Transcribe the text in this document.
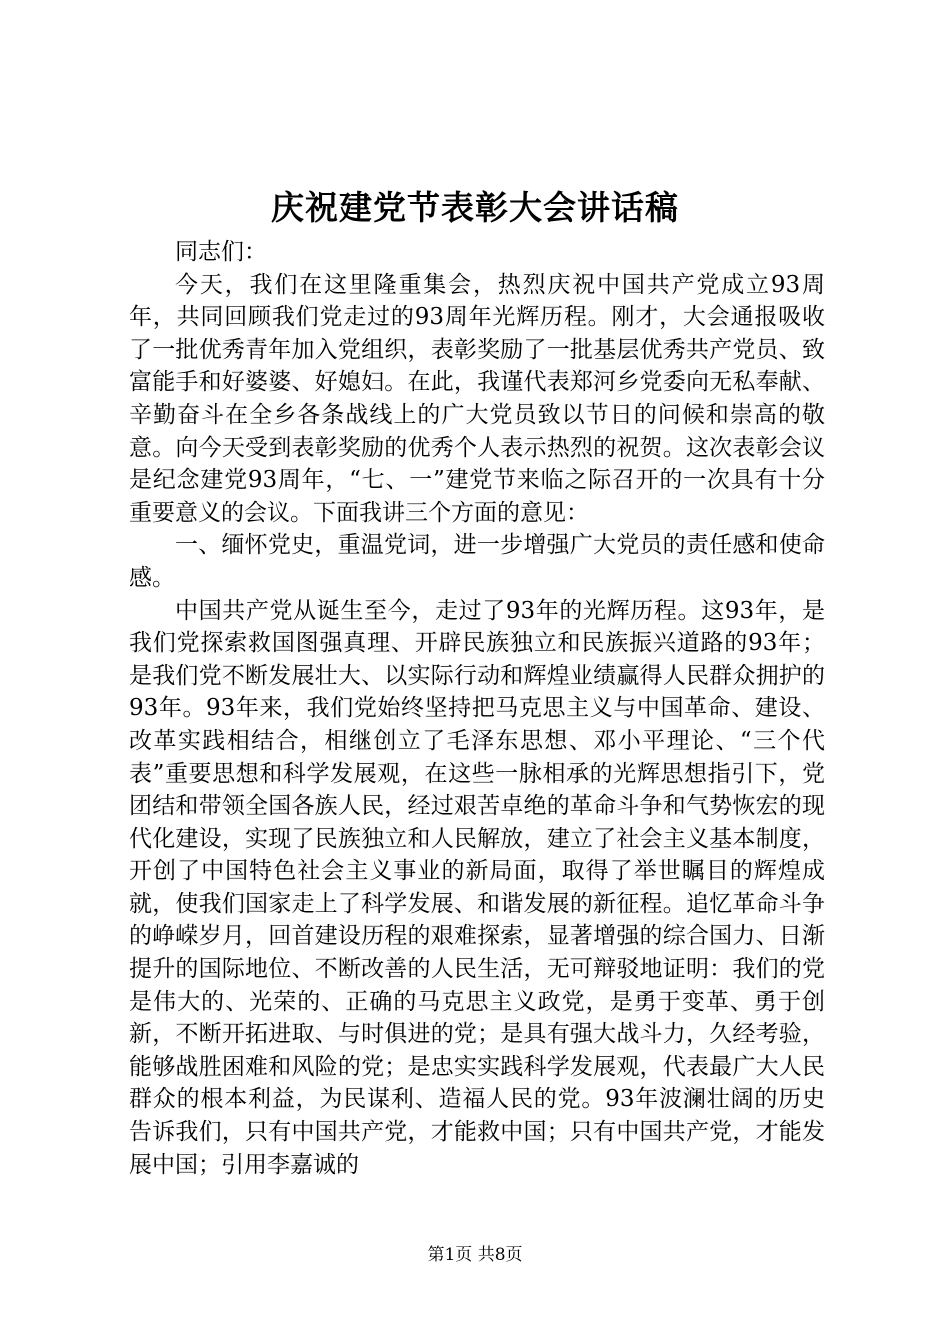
庆祝建党节表彰大会讲话稿

同志们：

今天，我们在这里隆重集会，热烈庆祝中国共产党成立93周年，共同回顾我们党走过的93周年光辉历程。刚才，大会通报吸收了一批优秀青年加入党组织，表彰奖励了一批基层优秀共产党员、致富能手和好婆婆、好媳妇。在此，我谨代表郑河乡党委向无私奉献、辛勤奋斗在全乡各条战线上的广大党员致以节日的问候和崇高的敬意。向今天受到表彰奖励的优秀个人表示热烈的祝贺。这次表彰会议是纪念建党93周年，“七、一”建党节来临之际召开的一次具有十分重要意义的会议。下面我讲三个方面的意见：

一、缅怀党史，重温党词，进一步增强广大党员的责任感和使命感。

中国共产党从诞生至今，走过了93年的光辉历程。这93年，是我们党探索救国图强真理、开辟民族独立和民族振兴道路的93年；是我们党不断发展壮大、以实际行动和辉煌业绩赢得人民群众拥护的93年。93年来，我们党始终坚持把马克思主义与中国革命、建设、改革实践相结合，相继创立了毛泽东思想、邓小平理论、“三个代表”重要思想和科学发展观，在这些一脉相承的光辉思想指引下，党团结和带领全国各族人民，经过艰苦卓绝的革命斗争和气势恢宏的现代化建设，实现了民族独立和人民解放，建立了社会主义基本制度，开创了中国特色社会主义事业的新局面，取得了举世瞩目的辉煌成就，使我们国家走上了科学发展、和谐发展的新征程。追忆革命斗争的峥嵘岁月，回首建设历程的艰难探索，显著增强的综合国力、日渐提升的国际地位、不断改善的人民生活，无可辩驳地证明：我们的党是伟大的、光荣的、正确的马克思主义政党，是勇于变革、勇于创新，不断开拓进取、与时俱进的党；是具有强大战斗力，久经考验，能够战胜困难和风险的党；是忠实实践科学发展观，代表最广大人民群众的根本利益，为民谋利、造福人民的党。93年波澜壮阔的历史告诉我们，只有中国共产党，才能救中国；只有中国共产党，才能发展中国；引用李嘉诚的

第1页 共8页
